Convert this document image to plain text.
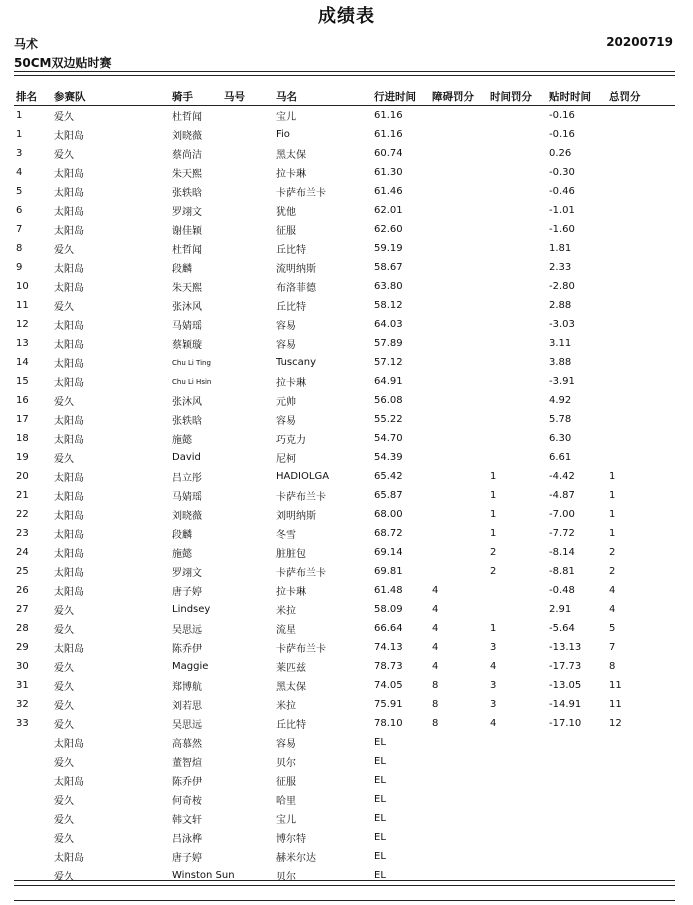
成绩表
马术	20200719
50CM双边贴时赛
排名	参赛队	骑手	马号	马名	行进时间	障碍罚分	时间罚分	贴时时间	总罚分
1	爱久	杜哲闻		宝儿	61.16			-0.16	
1	太阳岛	刘晓薇		Fio	61.16			-0.16	
3	爱久	蔡尚洁		黑太保	60.74			0.26	
4	太阳岛	朱天熙		拉卡琳	61.30			-0.30	
5	太阳岛	张轶晗		卡萨布兰卡	61.46			-0.46	
6	太阳岛	罗翊文		犹他	62.01			-1.01	
7	太阳岛	谢佳颖		征服	62.60			-1.60	
8	爱久	杜哲闻		丘比特	59.19			1.81	
9	太阳岛	段麟		流明纳斯	58.67			2.33	
10	太阳岛	朱天熙		布洛菲德	63.80			-2.80	
11	爱久	张沐风		丘比特	58.12			2.88	
12	太阳岛	马婧瑶		容易	64.03			-3.03	
13	太阳岛	蔡颖璇		容易	57.89			3.11	
14	太阳岛	Chu Li Ting		Tuscany	57.12			3.88	
15	太阳岛	Chu Li Hsin		拉卡琳	64.91			-3.91	
16	爱久	张沐风		元帅	56.08			4.92	
17	太阳岛	张轶晗		容易	55.22			5.78	
18	太阳岛	施懿		巧克力	54.70			6.30	
19	爱久	David		尼柯	54.39			6.61	
20	太阳岛	吕立彤		HADIOLGA	65.42		1	-4.42	1
21	太阳岛	马婧瑶		卡萨布兰卡	65.87		1	-4.87	1
22	太阳岛	刘晓薇		刘明纳斯	68.00		1	-7.00	1
23	太阳岛	段麟		冬雪	68.72		1	-7.72	1
24	太阳岛	施懿		脏脏包	69.14		2	-8.14	2
25	太阳岛	罗翊文		卡萨布兰卡	69.81		2	-8.81	2
26	太阳岛	唐子婷		拉卡琳	61.48	4		-0.48	4
27	爱久	Lindsey		米拉	58.09	4		2.91	4
28	爱久	吴思远		流星	66.64	4	1	-5.64	5
29	太阳岛	陈乔伊		卡萨布兰卡	74.13	4	3	-13.13	7
30	爱久	Maggie		莱匹兹	78.73	4	4	-17.73	8
31	爱久	郑博航		黑太保	74.05	8	3	-13.05	11
32	爱久	刘若思		米拉	75.91	8	3	-14.91	11
33	爱久	吴思远		丘比特	78.10	8	4	-17.10	12
	太阳岛	高慕然		容易	EL				
	爱久	董智煊		贝尔	EL				
	太阳岛	陈乔伊		征服	EL				
	爱久	何奇桉		哈里	EL				
	爱久	韩文轩		宝儿	EL				
	爱久	吕泳桦		博尔特	EL				
	太阳岛	唐子婷		赫米尔达	EL				
	爱久	Winston Sun		贝尔	EL				
